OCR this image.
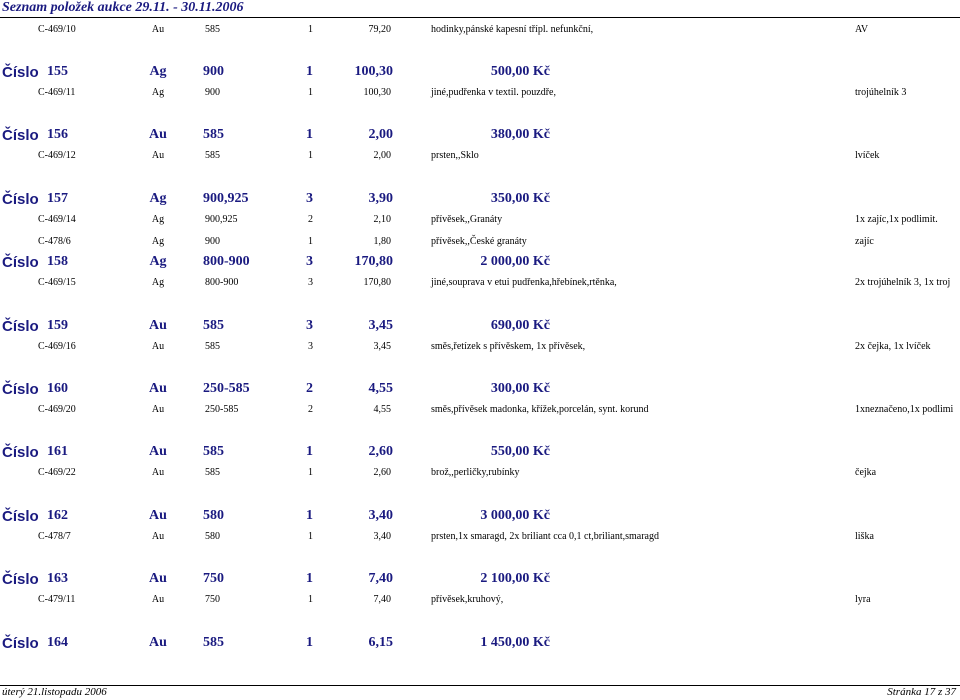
Seznam položek aukce 29.11. - 30.11.2006
C-469/10	Au	585	1	79,20	hodinky,pánské kapesní třípl. nefunkční,	AV
Číslo 155	Ag	900	1	100,30	500,00 Kč
C-469/11	Ag	900	1	100,30	jiné,pudřenka v textil. pouzdře,	trojúhelník 3
Číslo 156	Au	585	1	2,00	380,00 Kč
C-469/12	Au	585	1	2,00	prsten,,Sklo	lvíček
Číslo 157	Ag	900,925	3	3,90	350,00 Kč
C-469/14	Ag	900,925	2	2,10	přívěsek,,Granáty	1x zajíc,1x podlimit.
C-478/6	Ag	900	1	1,80	přívěsek,,České granáty	zajíc
Číslo 158	Ag	800-900	3	170,80	2 000,00 Kč
C-469/15	Ag	800-900	3	170,80	jiné,souprava v etui pudřenka,hřebínek,rtěnka,	2x trojúhelník 3, 1x troj
Číslo 159	Au	585	3	3,45	690,00 Kč
C-469/16	Au	585	3	3,45	směs,řetízek s přívěskem, 1x přívěsek,	2x čejka, 1x lvíček
Číslo 160	Au	250-585	2	4,55	300,00 Kč
C-469/20	Au	250-585	2	4,55	směs,přívěsek madonka, křížek,porcelán, synt. korund	1xneznačeno,1x podlimi
Číslo 161	Au	585	1	2,60	550,00 Kč
C-469/22	Au	585	1	2,60	brož,,perličky,rubínky	čejka
Číslo 162	Au	580	1	3,40	3 000,00 Kč
C-478/7	Au	580	1	3,40	prsten,1x smaragd, 2x briliant cca 0,1 ct,briliant,smaragd	liška
Číslo 163	Au	750	1	7,40	2 100,00 Kč
C-479/11	Au	750	1	7,40	přívěsek,kruhový,	lyra
Číslo 164	Au	585	1	6,15	1 450,00 Kč
úterý 21.listopadu 2006	Stránka 17 z 37
